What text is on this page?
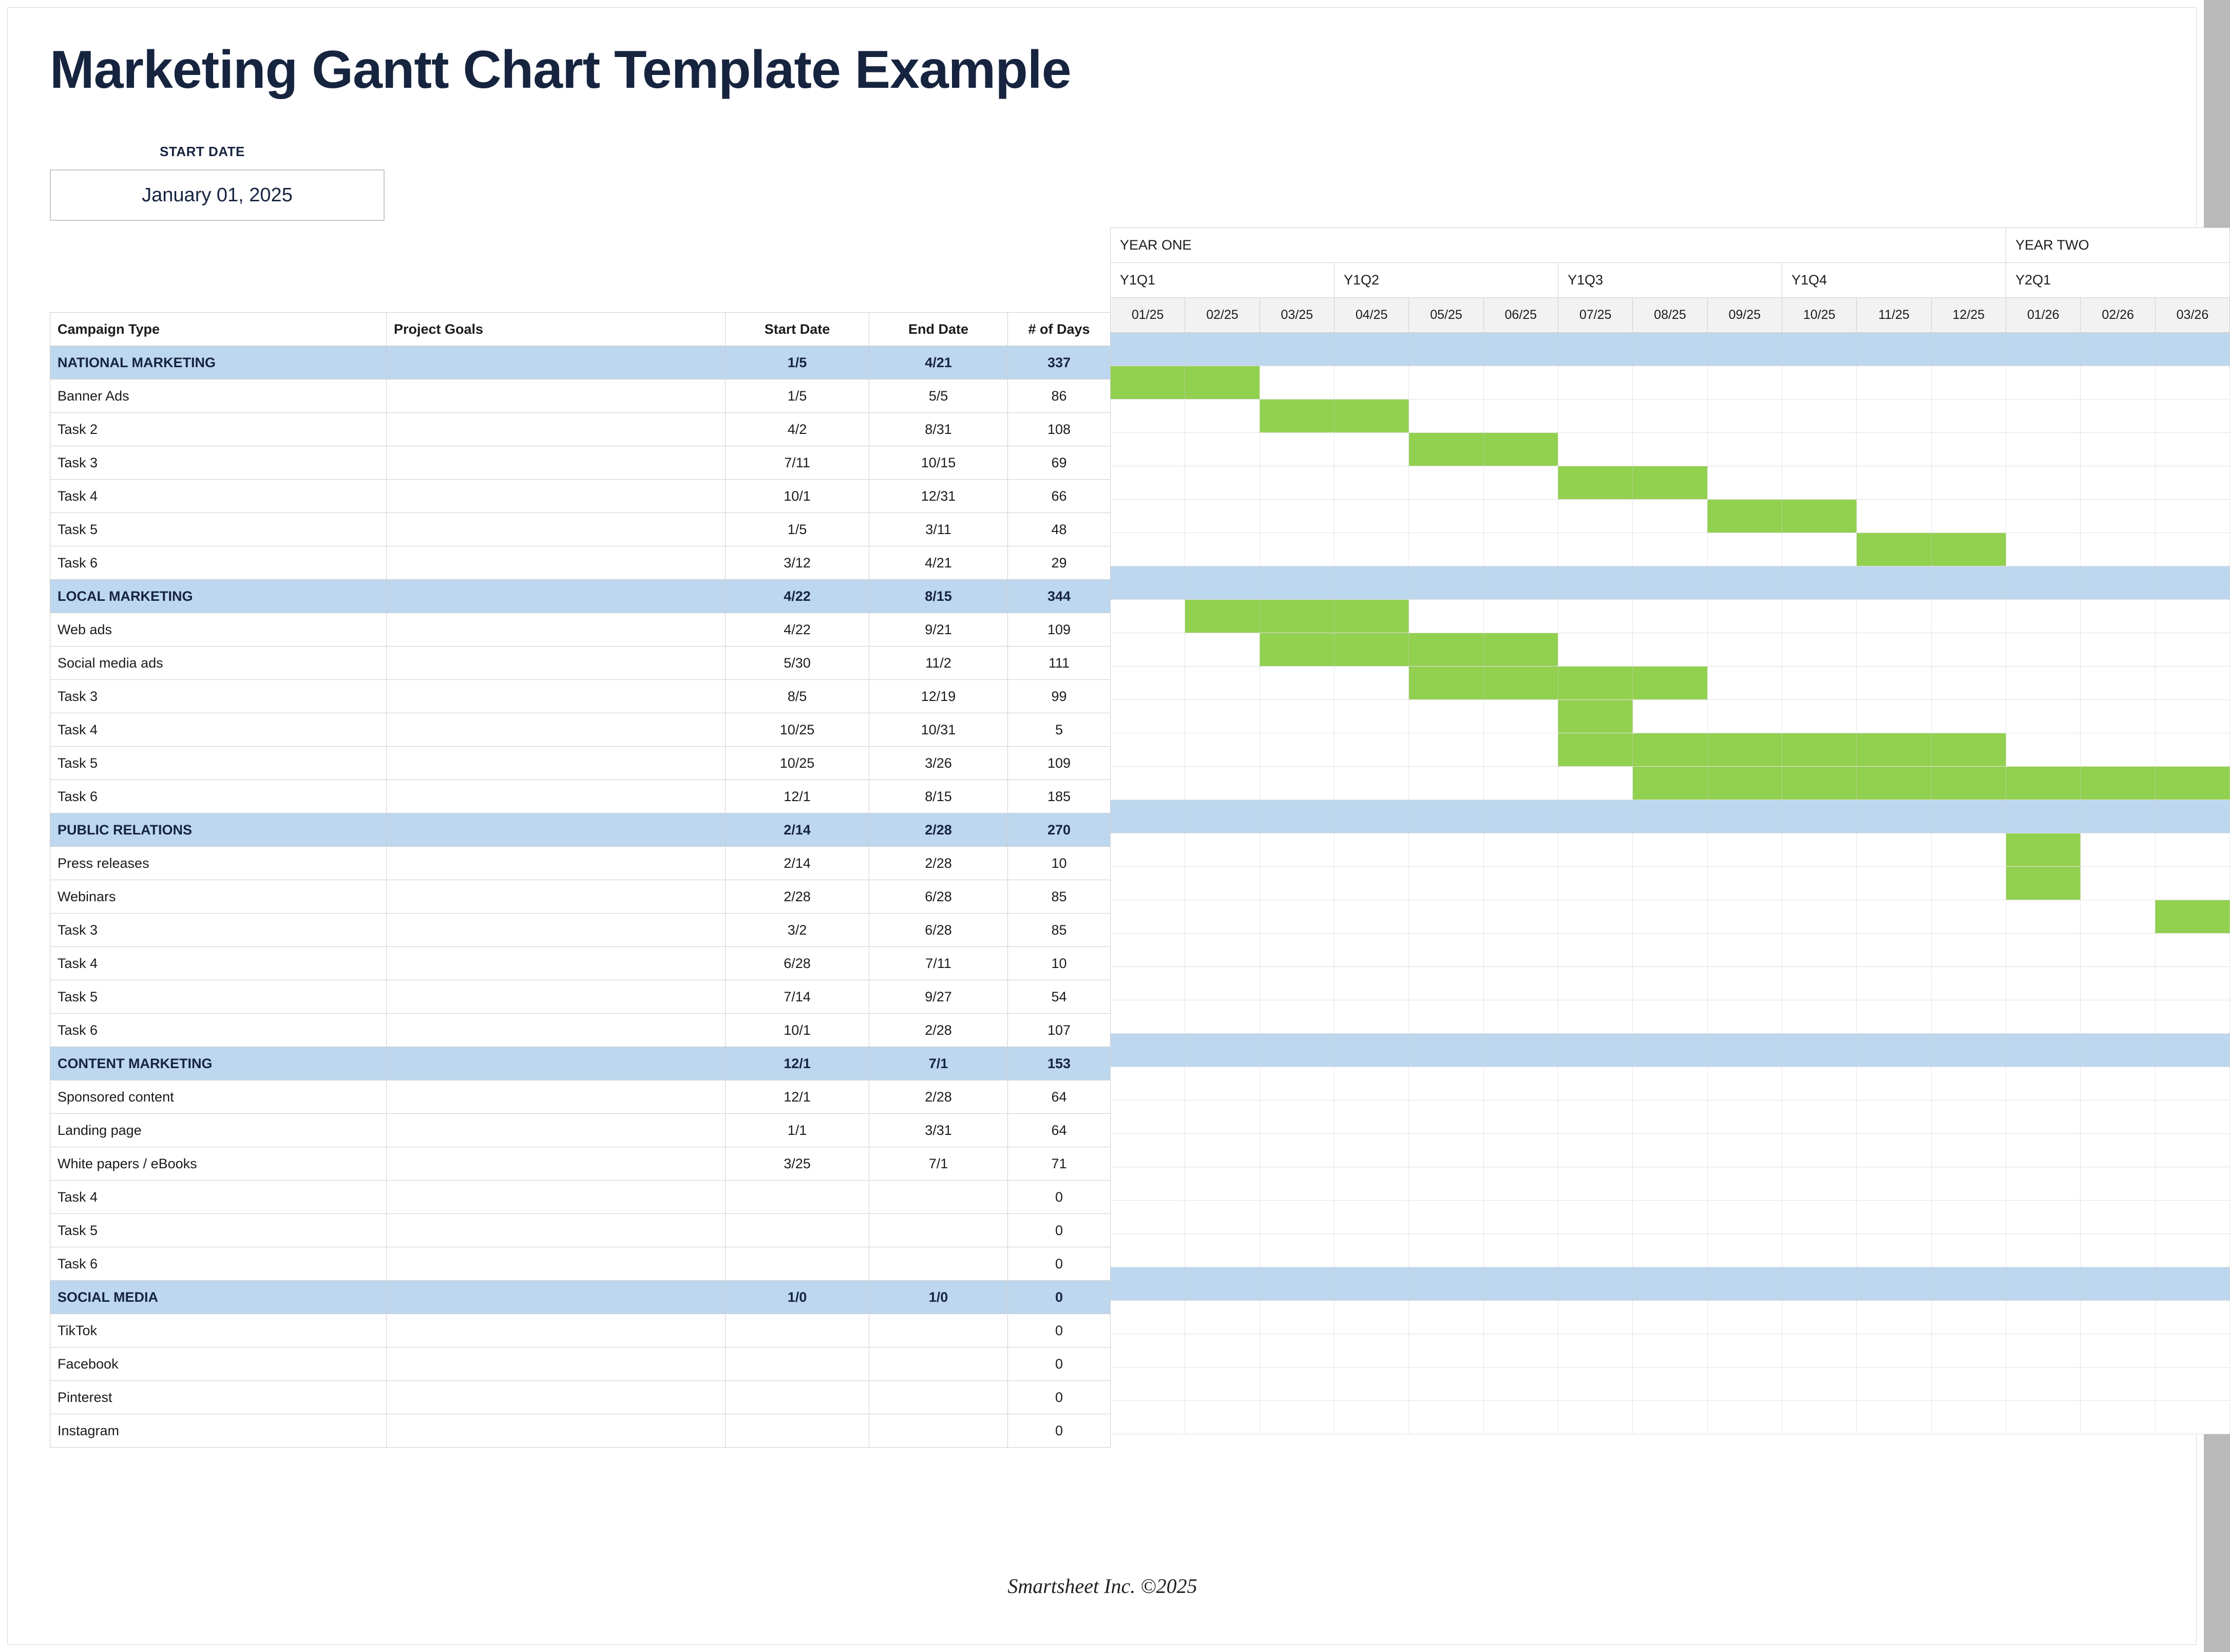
Marketing Gantt Chart Template Example
START DATE
January 01, 2025
YEAR ONE												YEAR TWO		
Y1Q1			Y1Q2			Y1Q3			Y1Q4			Y2Q1		
01/25	02/25	03/25	04/25	05/25	06/25	07/25	08/25	09/25	10/25	11/25	12/25	01/26	02/26	03/26

Campaign Type	Project Goals	Start Date	End Date	# of Days
NATIONAL MARKETING		1/5	4/21	337
Banner Ads		1/5	5/5	86
Task 2		4/2	8/31	108
Task 3		7/11	10/15	69
Task 4		10/1	12/31	66
Task 5		1/5	3/11	48
Task 6		3/12	4/21	29
LOCAL MARKETING		4/22	8/15	344
Web ads		4/22	9/21	109
Social media ads		5/30	11/2	111
Task 3		8/5	12/19	99
Task 4		10/25	10/31	5
Task 5		10/25	3/26	109
Task 6		12/1	8/15	185
PUBLIC RELATIONS		2/14	2/28	270
Press releases		2/14	2/28	10
Webinars		2/28	6/28	85
Task 3		3/2	6/28	85
Task 4		6/28	7/11	10
Task 5		7/14	9/27	54
Task 6		10/1	2/28	107
CONTENT MARKETING		12/1	7/1	153
Sponsored content		12/1	2/28	64
Landing page		1/1	3/31	64
White papers / eBooks		3/25	7/1	71
Task 4				0
Task 5				0
Task 6				0
SOCIAL MEDIA		1/0	1/0	0
TikTok				0
Facebook				0
Pinterest				0
Instagram				0
Smartsheet Inc. ©2025
